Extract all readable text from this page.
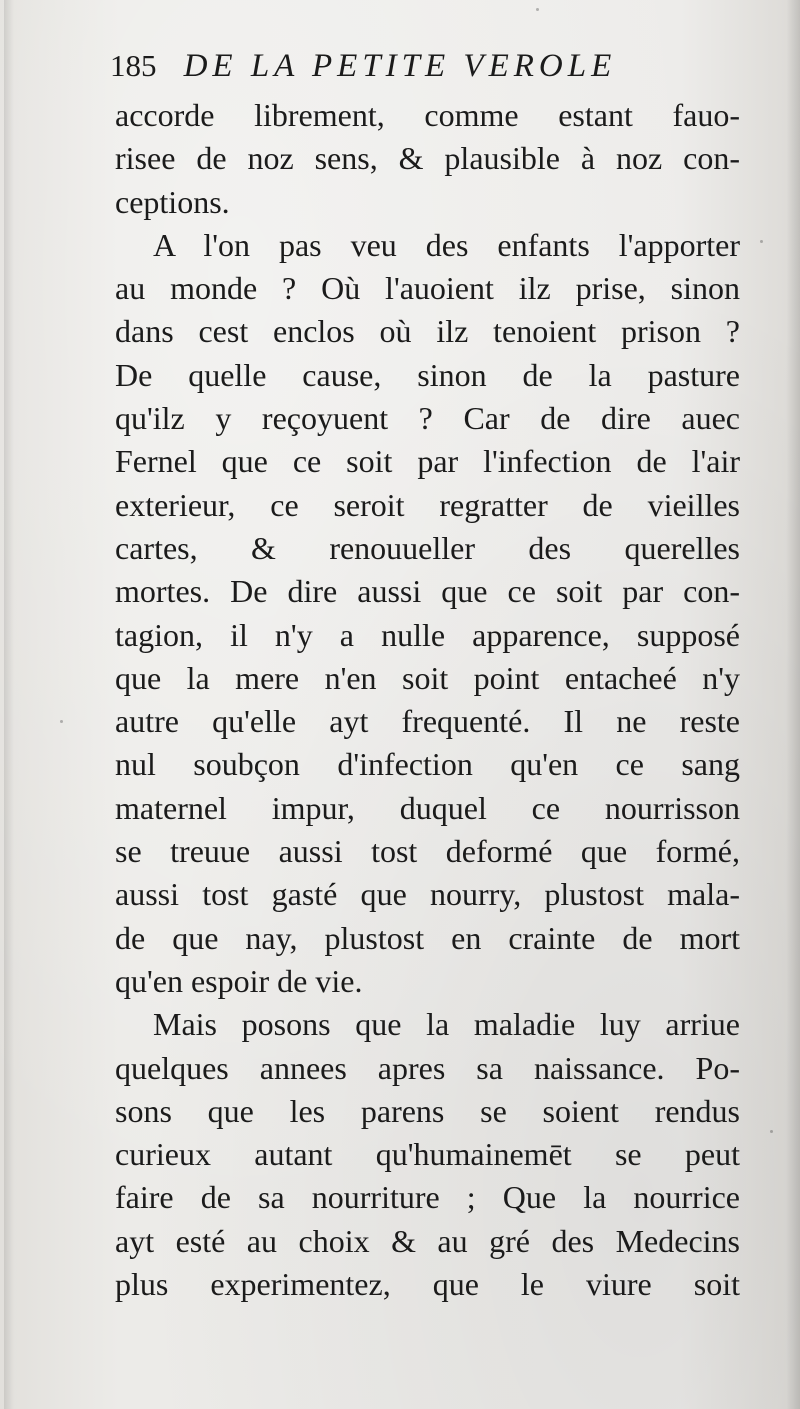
185 DE LA PETITE VEROLE
accorde librement, comme estant fauo-
risee de noz sens, & plausible à noz con-
ceptions.
A l'on pas veu des enfants l'apporter
au monde ? Où l'auoient ilz prise, sinon
dans cest enclos où ilz tenoient prison ?
De quelle cause, sinon de la pasture
qu'ilz y reçoyuent ? Car de dire auec
Fernel que ce soit par l'infection de l'air
exterieur, ce seroit regratter de vieilles
cartes, & renouueller des querelles
mortes. De dire aussi que ce soit par con-
tagion, il n'y a nulle apparence, supposé
que la mere n'en soit point entacheé n'y
autre qu'elle ayt frequenté. Il ne reste
nul soubçon d'infection qu'en ce sang
maternel impur, duquel ce nourrisson
se treuue aussi tost deformé que formé,
aussi tost gasté que nourry, plustost mala-
de que nay, plustost en crainte de mort
qu'en espoir de vie.
Mais posons que la maladie luy arriue
quelques annees apres sa naissance. Po-
sons que les parens se soient rendus
curieux autant qu'humainemēt se peut
faire de sa nourriture ; Que la nourrice
ayt esté au choix & au gré des Medecins
plus experimentez, que le viure soit
